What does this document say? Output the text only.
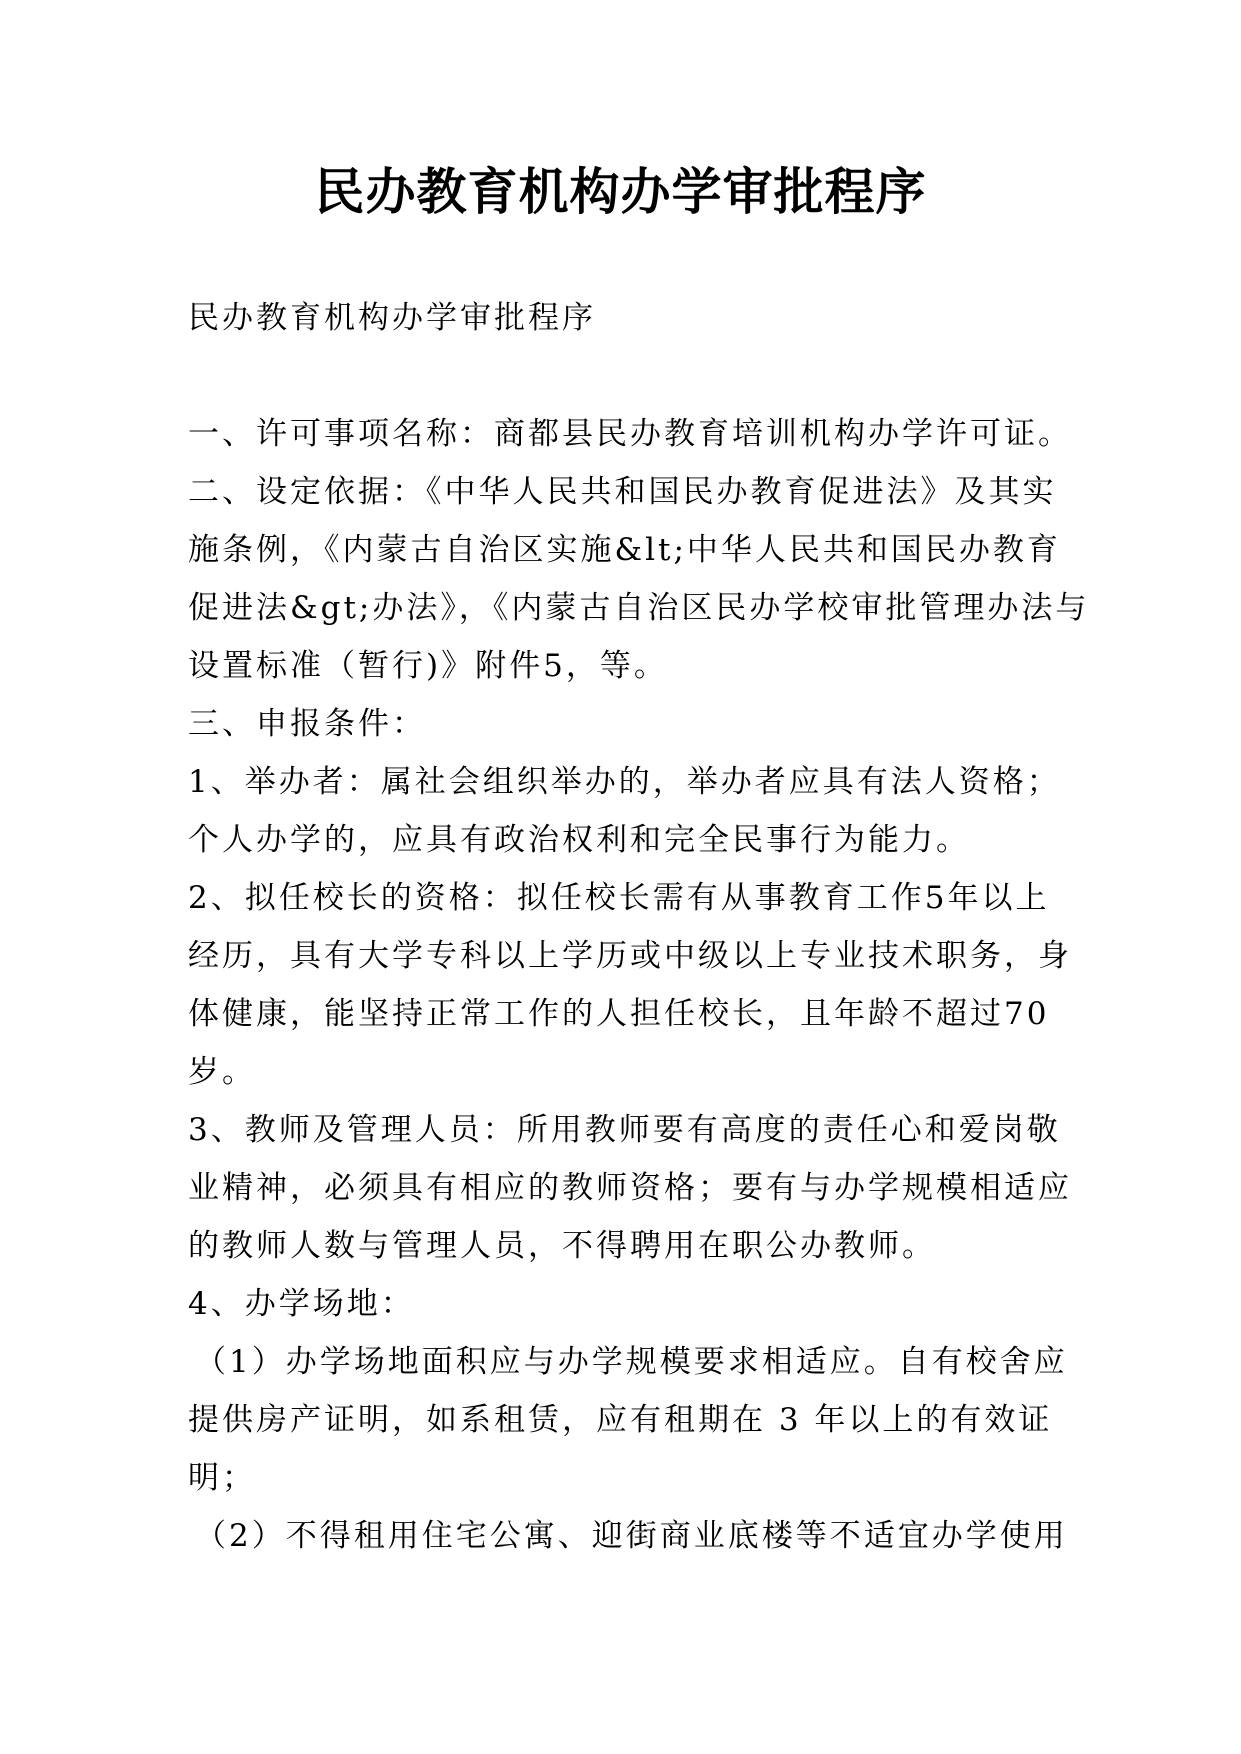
民办教育机构办学审批程序
民办教育机构办学审批程序
一、许可事项名称：商都县民办教育培训机构办学许可证。
二、设定依据：《中华人民共和国民办教育促进法》及其实
施条例，《内蒙古自治区实施&lt;中华人民共和国民办教育
促进法&gt;办法》，《内蒙古自治区民办学校审批管理办法与
设置标准（暂行)》附件5，等。
三、申报条件：
1、举办者：属社会组织举办的，举办者应具有法人资格；
个人办学的，应具有政治权利和完全民事行为能力。
2、拟任校长的资格：拟任校长需有从事教育工作5年以上
经历，具有大学专科以上学历或中级以上专业技术职务，身
体健康，能坚持正常工作的人担任校长，且年龄不超过70
岁。
3、教师及管理人员：所用教师要有高度的责任心和爱岗敬
业精神，必须具有相应的教师资格；要有与办学规模相适应
的教师人数与管理人员，不得聘用在职公办教师。
4、办学场地：
（1）办学场地面积应与办学规模要求相适应。自有校舍应
提供房产证明，如系租赁，应有租期在 3 年以上的有效证
明；
（2）不得租用住宅公寓、迎街商业底楼等不适宜办学使用
